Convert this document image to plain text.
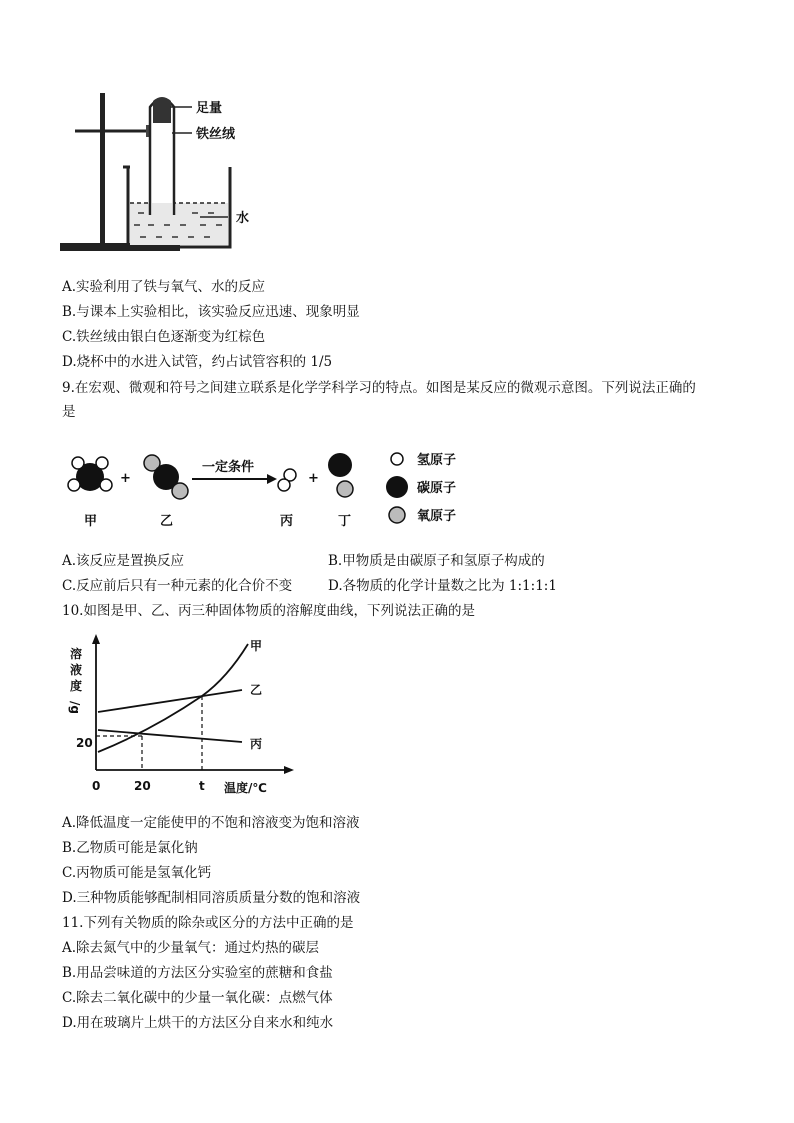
足量
铁丝绒
水
A.实验利用了铁与氧气、水的反应
B.与课本上实验相比，该实验反应迅速、现象明显
C.铁丝绒由银白色逐渐变为红棕色
D.烧杯中的水进入试管，约占试管容积的 1/5
9.在宏观、微观和符号之间建立联系是化学学科学习的特点。如图是某反应的微观示意图。下列说法正确的
是
+
一定条件
+
甲	乙	丙	丁
氢原子
碳原子
氧原子
A.该反应是置换反应	B.甲物质是由碳原子和氢原子构成的
C.反应前后只有一种元素的化合价不变	D.各物质的化学计量数之比为 1:1:1:1
10.如图是甲、乙、丙三种固体物质的溶解度曲线，下列说法正确的是
溶
液
度
/g
20
0	20	t 温度/℃
甲
乙
丙
A.降低温度一定能使甲的不饱和溶液变为饱和溶液
B.乙物质可能是氯化钠
C.丙物质可能是氢氧化钙
D.三种物质能够配制相同溶质质量分数的饱和溶液
11.下列有关物质的除杂或区分的方法中正确的是
A.除去氮气中的少量氧气：通过灼热的碳层
B.用品尝味道的方法区分实验室的蔗糖和食盐
C.除去二氧化碳中的少量一氧化碳：点燃气体
D.用在玻璃片上烘干的方法区分自来水和纯水
